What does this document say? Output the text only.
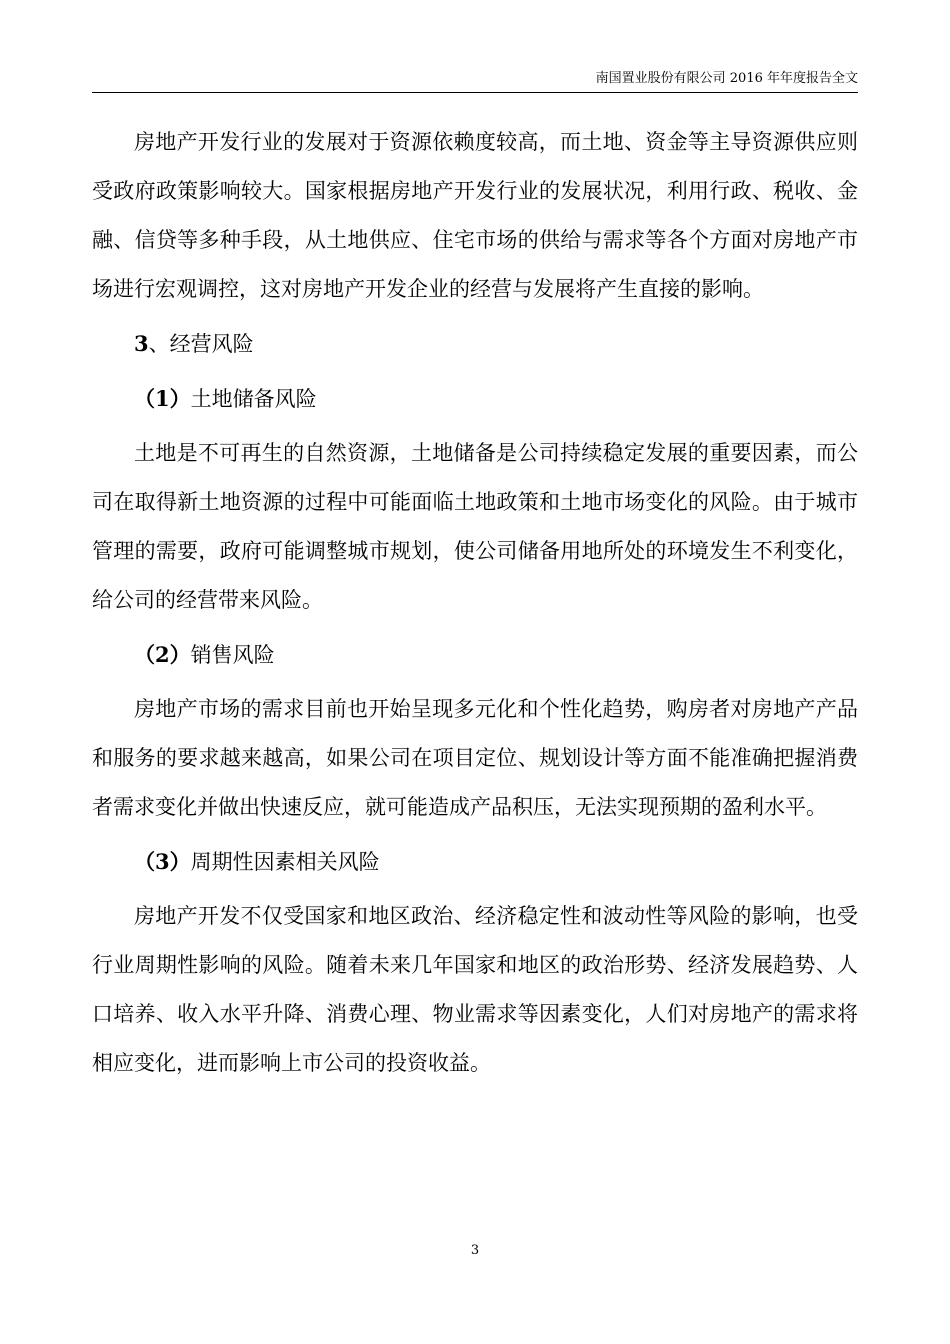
南国置业股份有限公司 2016 年年度报告全文

房地产开发行业的发展对于资源依赖度较高，而土地、资金等主导资源供应则受政府政策影响较大。国家根据房地产开发行业的发展状况，利用行政、税收、金融、信贷等多种手段，从土地供应、住宅市场的供给与需求等各个方面对房地产市场进行宏观调控，这对房地产开发企业的经营与发展将产生直接的影响。

3、经营风险

（1）土地储备风险

土地是不可再生的自然资源，土地储备是公司持续稳定发展的重要因素，而公司在取得新土地资源的过程中可能面临土地政策和土地市场变化的风险。由于城市管理的需要，政府可能调整城市规划，使公司储备用地所处的环境发生不利变化，给公司的经营带来风险。

（2）销售风险

房地产市场的需求目前也开始呈现多元化和个性化趋势，购房者对房地产产品和服务的要求越来越高，如果公司在项目定位、规划设计等方面不能准确把握消费者需求变化并做出快速反应，就可能造成产品积压，无法实现预期的盈利水平。

（3）周期性因素相关风险

房地产开发不仅受国家和地区政治、经济稳定性和波动性等风险的影响，也受行业周期性影响的风险。随着未来几年国家和地区的政治形势、经济发展趋势、人口培养、收入水平升降、消费心理、物业需求等因素变化，人们对房地产的需求将相应变化，进而影响上市公司的投资收益。

3
